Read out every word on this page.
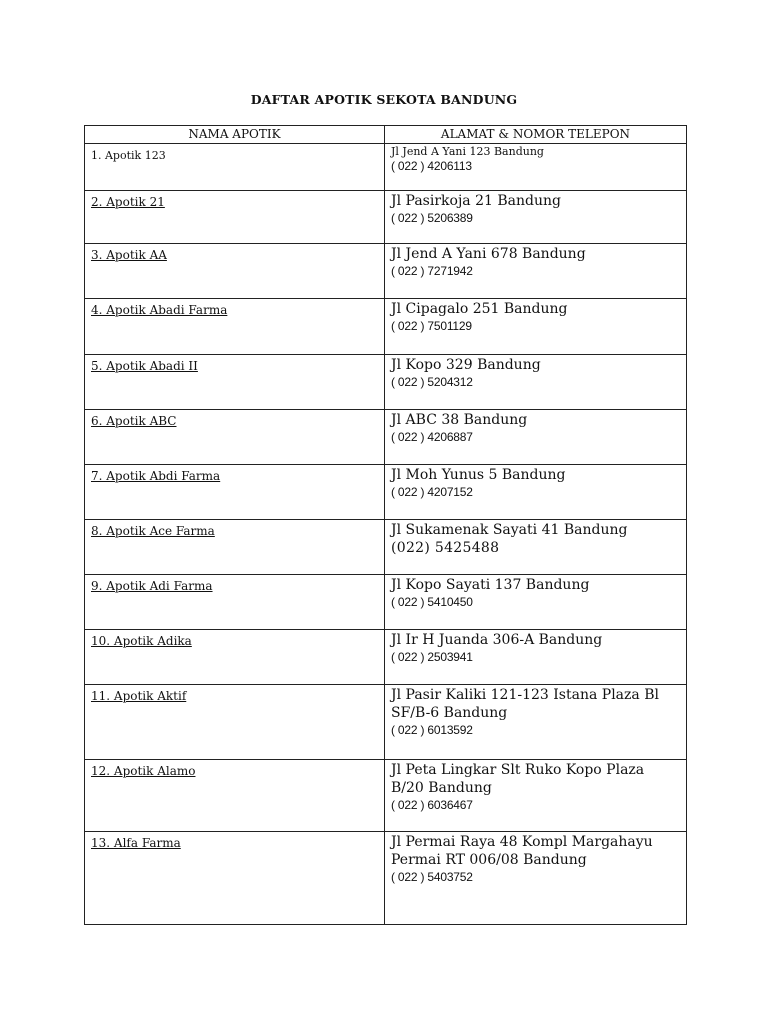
DAFTAR APOTIK SEKOTA BANDUNG
NAMA APOTIK	ALAMAT & NOMOR TELEPON
1. Apotik 123	Jl Jend A Yani 123 Bandung
( 022 ) 4206113

2. Apotik 21	Jl Pasirkoja 21 Bandung
( 022 ) 5206389

3. Apotik AA	Jl Jend A Yani 678 Bandung
( 022 ) 7271942

4. Apotik Abadi Farma	Jl Cipagalo 251 Bandung
( 022 ) 7501129

5. Apotik Abadi II	Jl Kopo 329 Bandung
( 022 ) 5204312

6. Apotik ABC	Jl ABC 38 Bandung
( 022 ) 4206887

7. Apotik Abdi Farma	Jl Moh Yunus 5 Bandung
( 022 ) 4207152

8. Apotik Ace Farma	Jl Sukamenak Sayati 41 Bandung
(022) 5425488

9. Apotik Adi Farma	Jl Kopo Sayati 137 Bandung
( 022 ) 5410450

10. Apotik Adika	Jl Ir H Juanda 306-A Bandung
( 022 ) 2503941

11. Apotik Aktif	Jl Pasir Kaliki 121-123 Istana Plaza Bl SF/B-6 Bandung
( 022 ) 6013592

12. Apotik Alamo	Jl Peta Lingkar Slt Ruko Kopo Plaza B/20 Bandung
( 022 ) 6036467

13. Alfa Farma	Jl Permai Raya 48 Kompl Margahayu Permai RT 006/08 Bandung
( 022 ) 5403752
